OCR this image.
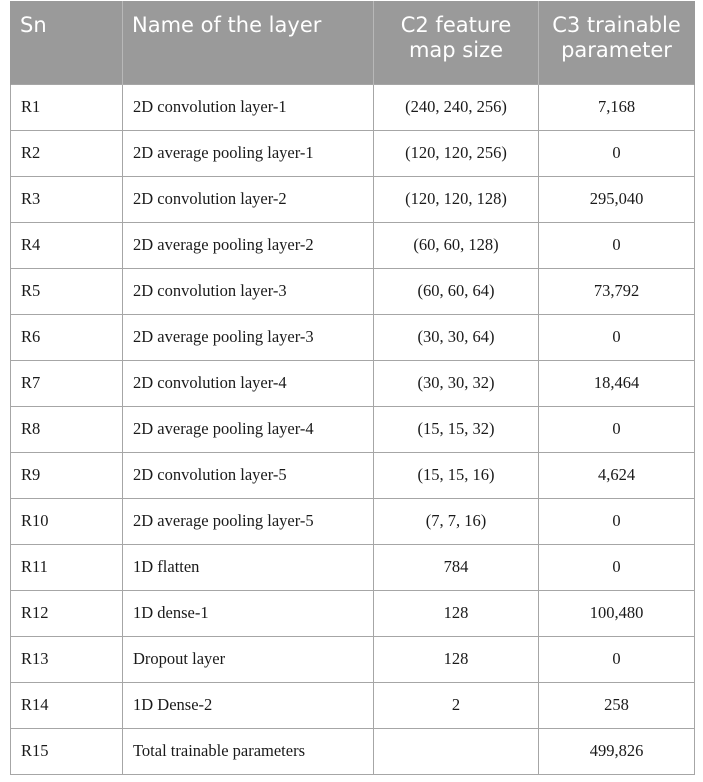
Sn	Name of the layer	C2 feature map size	C3 trainable parameter
R1	2D convolution layer-1	(240, 240, 256)	7,168
R2	2D average pooling layer-1	(120, 120, 256)	0
R3	2D convolution layer-2	(120, 120, 128)	295,040
R4	2D average pooling layer-2	(60, 60, 128)	0
R5	2D convolution layer-3	(60, 60, 64)	73,792
R6	2D average pooling layer-3	(30, 30, 64)	0
R7	2D convolution layer-4	(30, 30, 32)	18,464
R8	2D average pooling layer-4	(15, 15, 32)	0
R9	2D convolution layer-5	(15, 15, 16)	4,624
R10	2D average pooling layer-5	(7, 7, 16)	0
R11	1D flatten	784	0
R12	1D dense-1	128	100,480
R13	Dropout layer	128	0
R14	1D Dense-2	2	258
R15	Total trainable parameters		499,826
